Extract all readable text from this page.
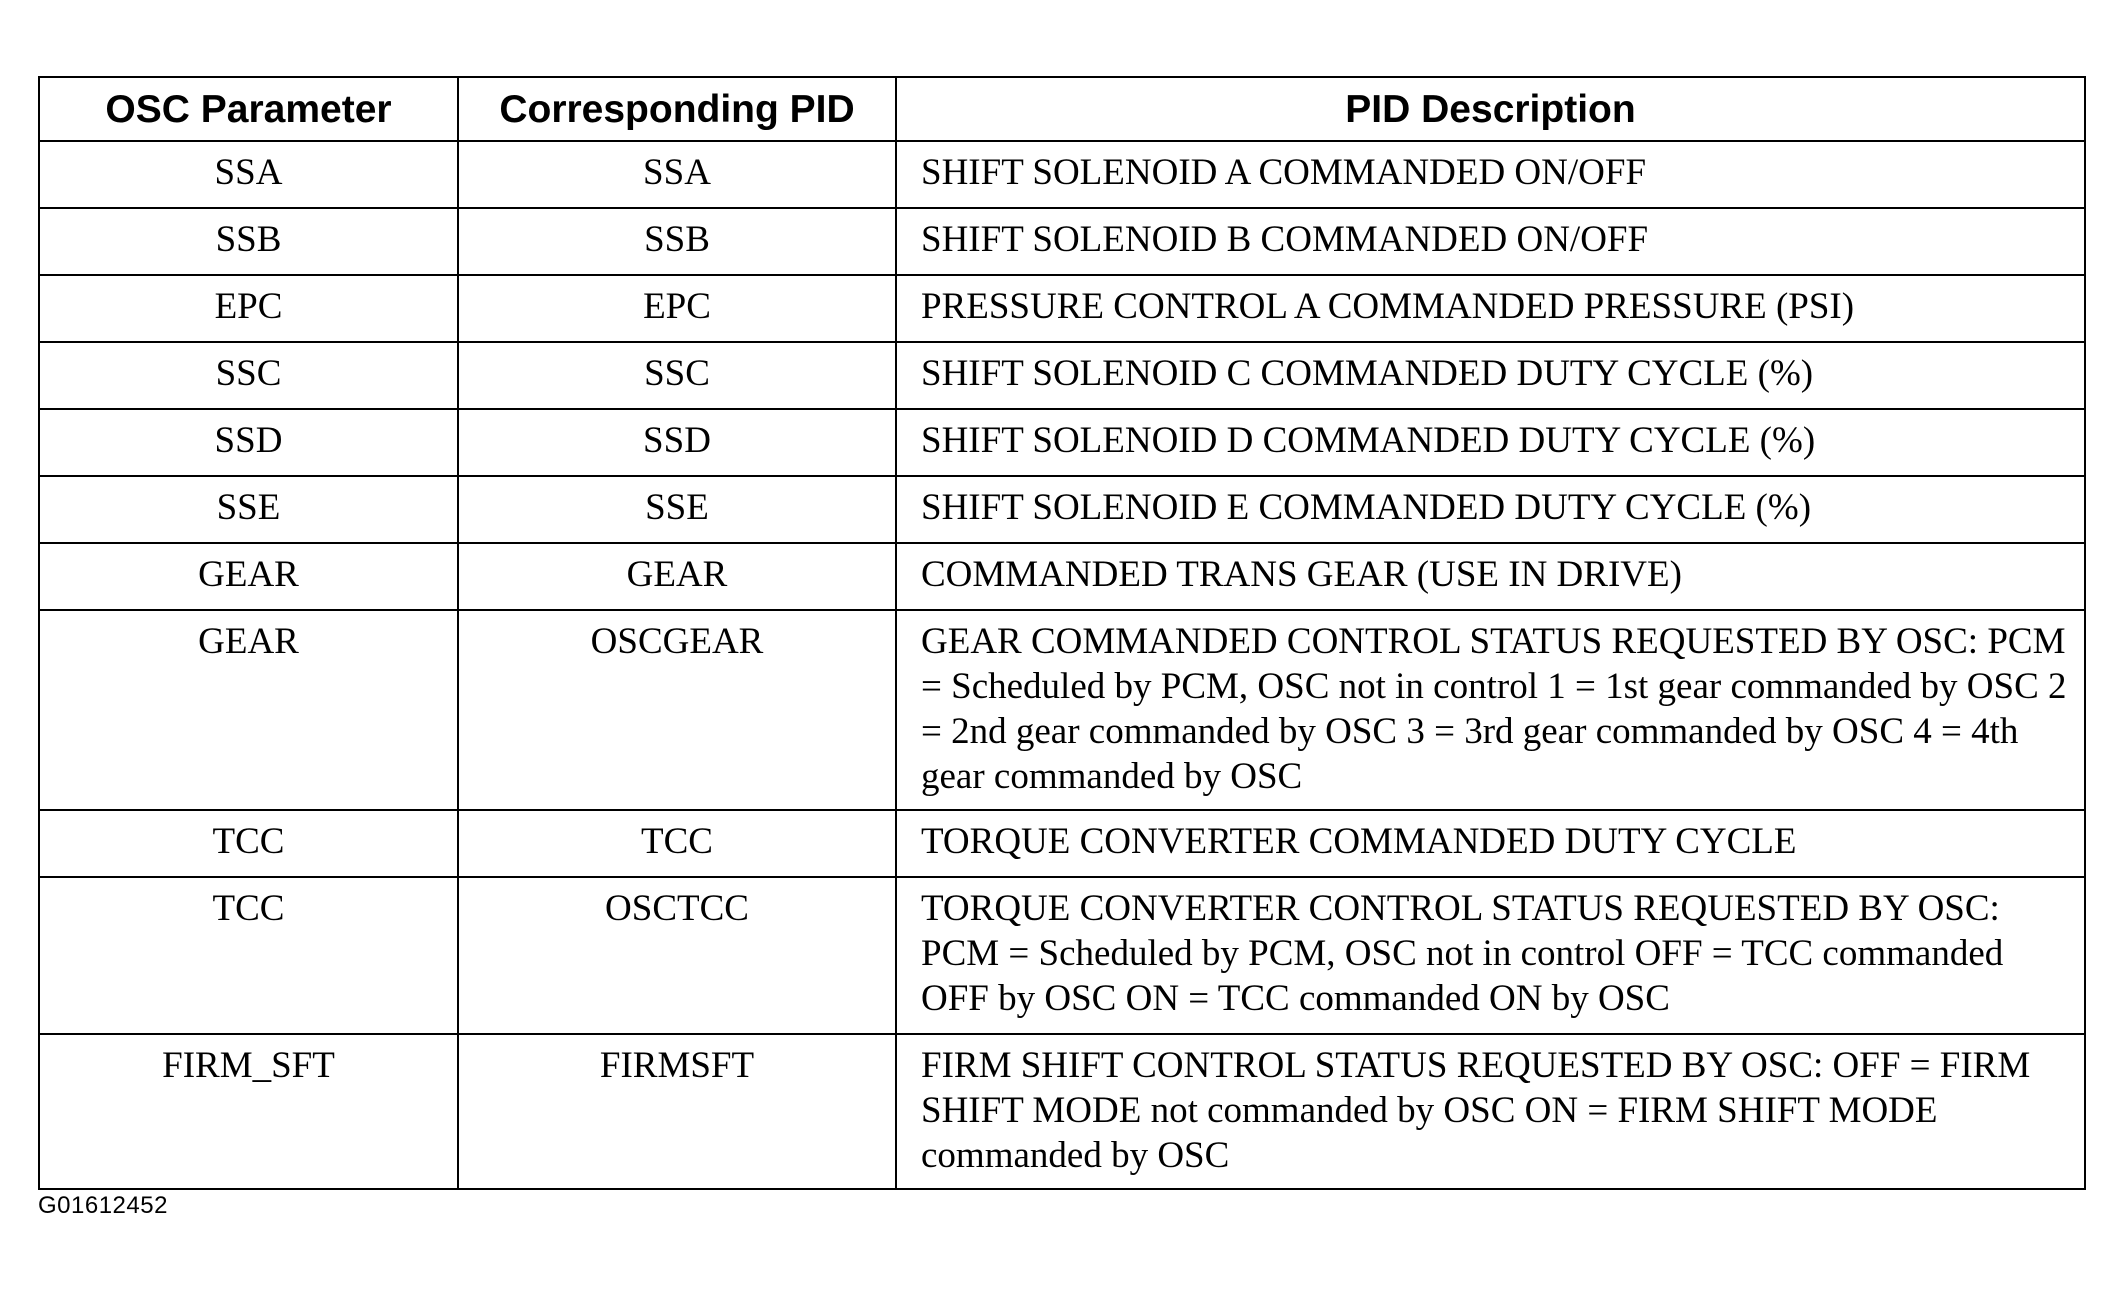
OSC Parameter	Corresponding PID	PID Description
SSA	SSA	SHIFT SOLENOID A COMMANDED ON/OFF
SSB	SSB	SHIFT SOLENOID B COMMANDED ON/OFF
EPC	EPC	PRESSURE CONTROL A COMMANDED PRESSURE (PSI)
SSC	SSC	SHIFT SOLENOID C COMMANDED DUTY CYCLE (%)
SSD	SSD	SHIFT SOLENOID D COMMANDED DUTY CYCLE (%)
SSE	SSE	SHIFT SOLENOID E COMMANDED DUTY CYCLE (%)
GEAR	GEAR	COMMANDED TRANS GEAR (USE IN DRIVE)
GEAR	OSCGEAR	GEAR COMMANDED CONTROL STATUS REQUESTED BY OSC: PCM = Scheduled by PCM, OSC not in control 1 = 1st gear commanded by OSC 2 = 2nd gear commanded by OSC 3 = 3rd gear commanded by OSC 4 = 4th gear commanded by OSC
TCC	TCC	TORQUE CONVERTER COMMANDED DUTY CYCLE
TCC	OSCTCC	TORQUE CONVERTER CONTROL STATUS REQUESTED BY OSC: PCM = Scheduled by PCM, OSC not in control OFF = TCC commanded OFF by OSC ON = TCC commanded ON by OSC
FIRM_SFT	FIRMSFT	FIRM SHIFT CONTROL STATUS REQUESTED BY OSC: OFF = FIRM SHIFT MODE not commanded by OSC ON = FIRM SHIFT MODE commanded by OSC
G01612452
